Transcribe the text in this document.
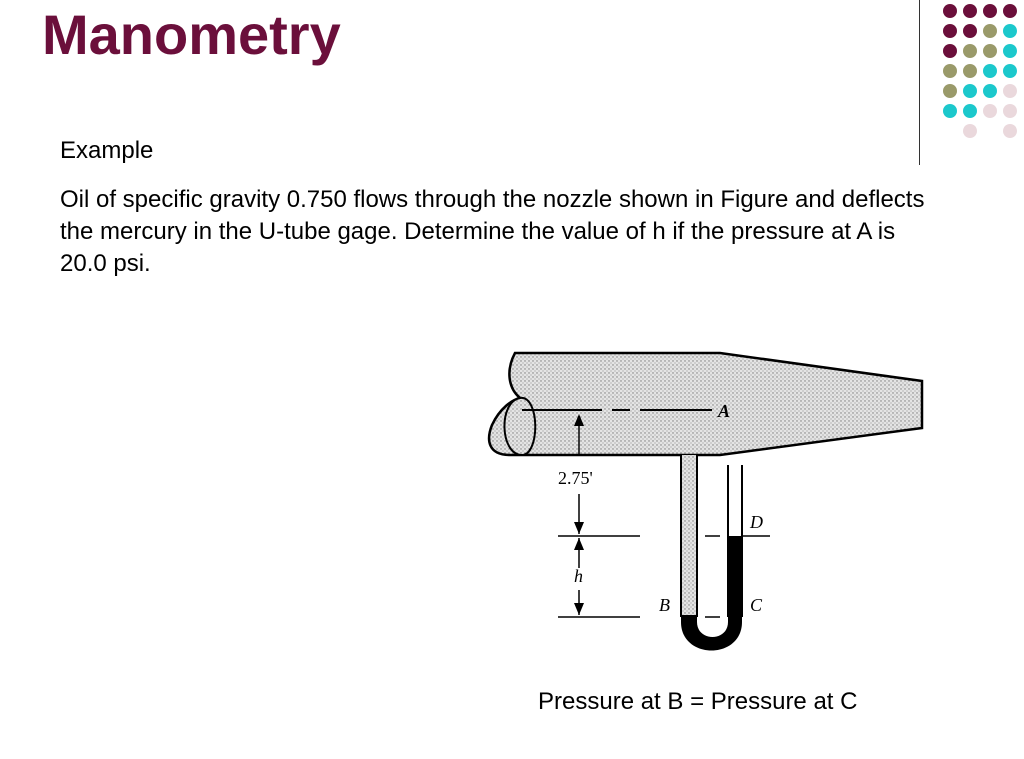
Manometry
Example
Oil of specific gravity 0.750 flows through the nozzle shown in Figure and deflects the mercury in the U-tube gage. Determine the value of h if the pressure at A is 20.0 psi.
A
B	C
D
2.75'
h
Pressure at B = Pressure at C
